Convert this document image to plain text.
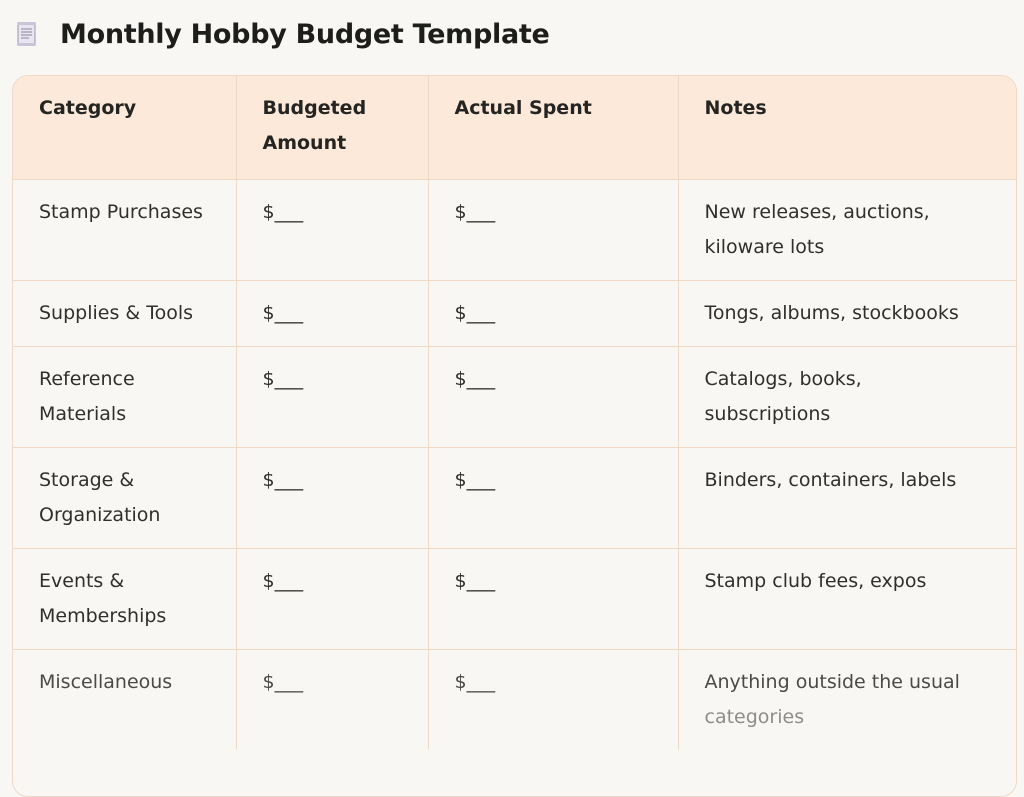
Monthly Hobby Budget Template
Category	Budgeted Amount	Actual Spent	Notes
Stamp Purchases	$___	$___	New releases, auctions, kiloware lots
Supplies & Tools	$___	$___	Tongs, albums, stockbooks
Reference Materials	$___	$___	Catalogs, books, subscriptions
Storage & Organization	$___	$___	Binders, containers, labels
Events & Memberships	$___	$___	Stamp club fees, expos
Miscellaneous	$___	$___	Anything outside the usual categories
